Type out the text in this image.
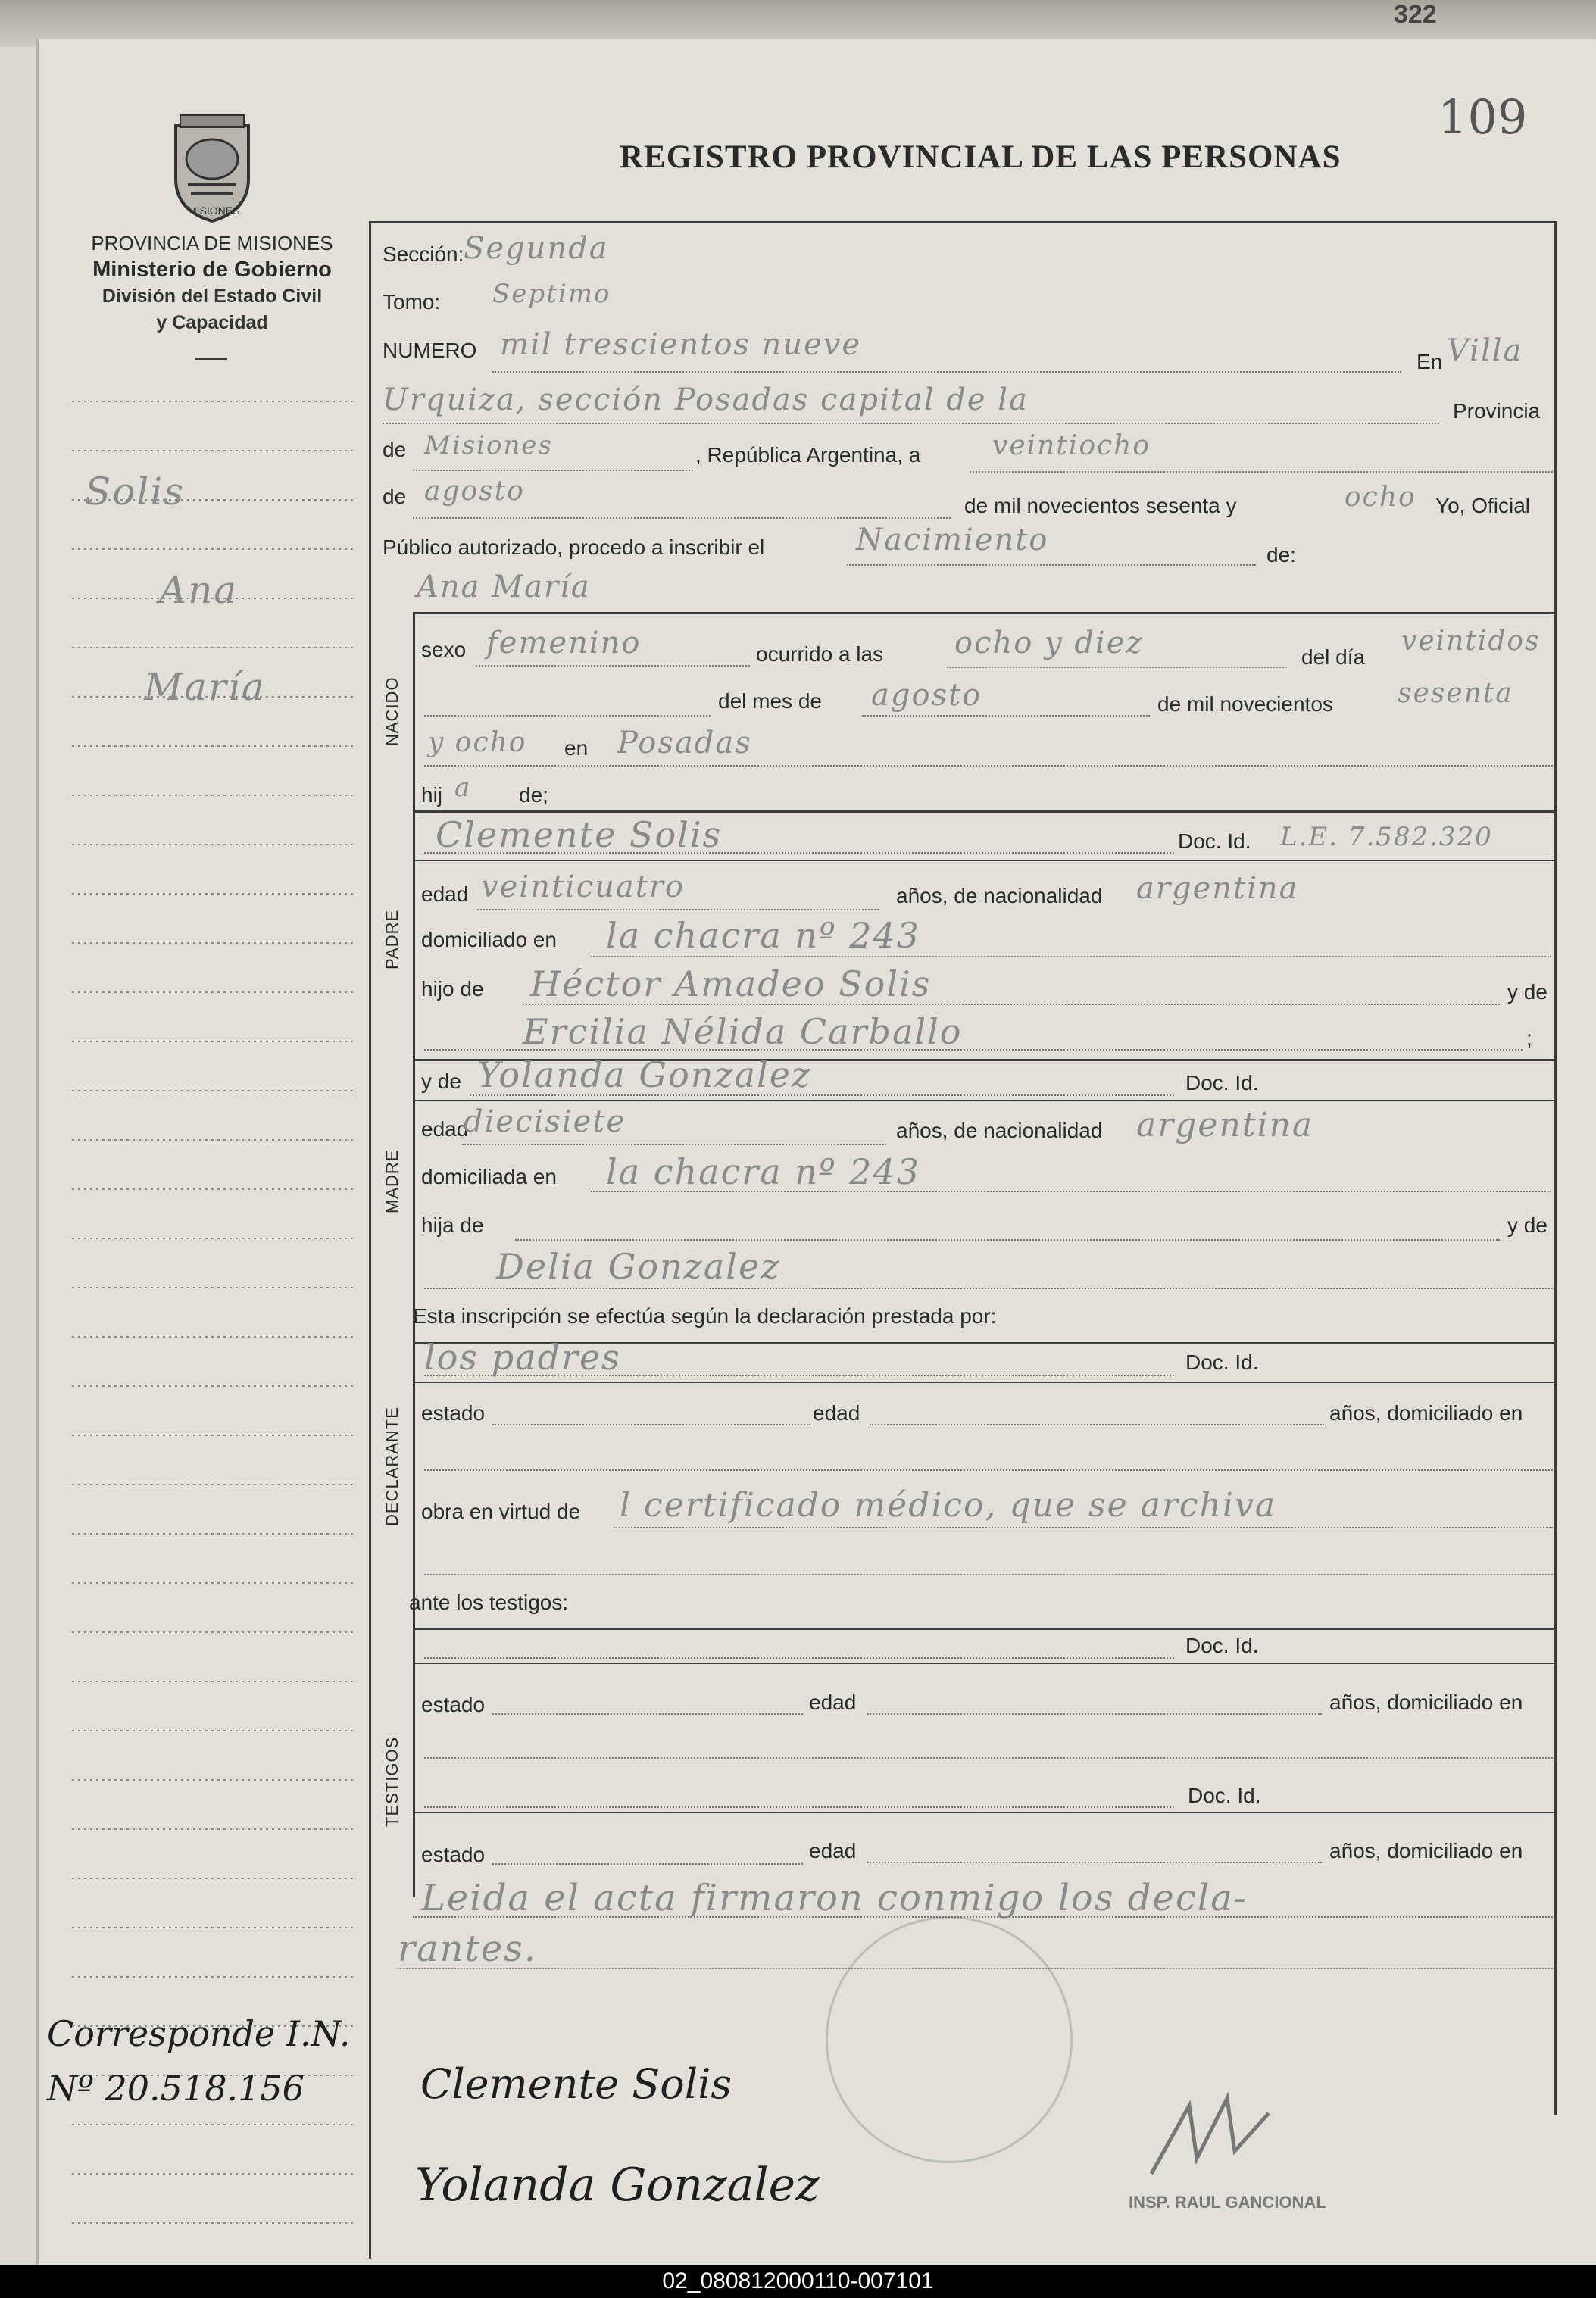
322
109
REGISTRO PROVINCIAL DE LAS PERSONAS
MISIONES
PROVINCIA DE MISIONES
Ministerio de Gobierno
División del Estado Civil
y Capacidad
Solis
Ana
María
Corresponde I.N.
Nº 20.518.156
Sección: Segunda
Tomo: Septimo
NUMERO mil trescientos nueve	En Villa
Urquiza, sección Posadas capital de la	Provincia
de Misiones	, República Argentina, a	veintiocho
de agosto	de mil novecientos sesenta y	ocho Yo, Oficial
Público autorizado, procedo a inscribir el	Nacimiento	de:
Ana María
NACIDO
sexo femenino	ocurrido a las ocho y diez	del día
veintidos
del mes de agosto	de mil novecientos sesenta
y ocho en Posadas
hij a de;
PADRE
Clemente Solis	Doc. Id. L.E. 7.582.320
edad veinticuatro	años, de nacionalidad argentina
domiciliado en la chacra nº 243
hijo de Héctor Amadeo Solis	y de
Ercilia Nélida Carballo	;
MADRE
y de Yolanda Gonzalez	Doc. Id.
edad
diecisiete	años, de nacionalidad argentina
domiciliada en la chacra nº 243
hija de	y de
Delia Gonzalez
Esta inscripción se efectúa según la declaración prestada por:
DECLARANTE
los padres	Doc. Id.
estado	edad	años, domiciliado en
obra en virtud de l certificado médico, que se archiva
ante los testigos:
TESTIGOS
Doc. Id.
estado	edad	años, domiciliado en
Doc. Id.
estado	edad	años, domiciliado en
Leida el acta firmaron conmigo los decla-
rantes.
INSP. RAUL GANCIONAL
Clemente Solis
Yolanda Gonzalez
02_080812000110-007101
